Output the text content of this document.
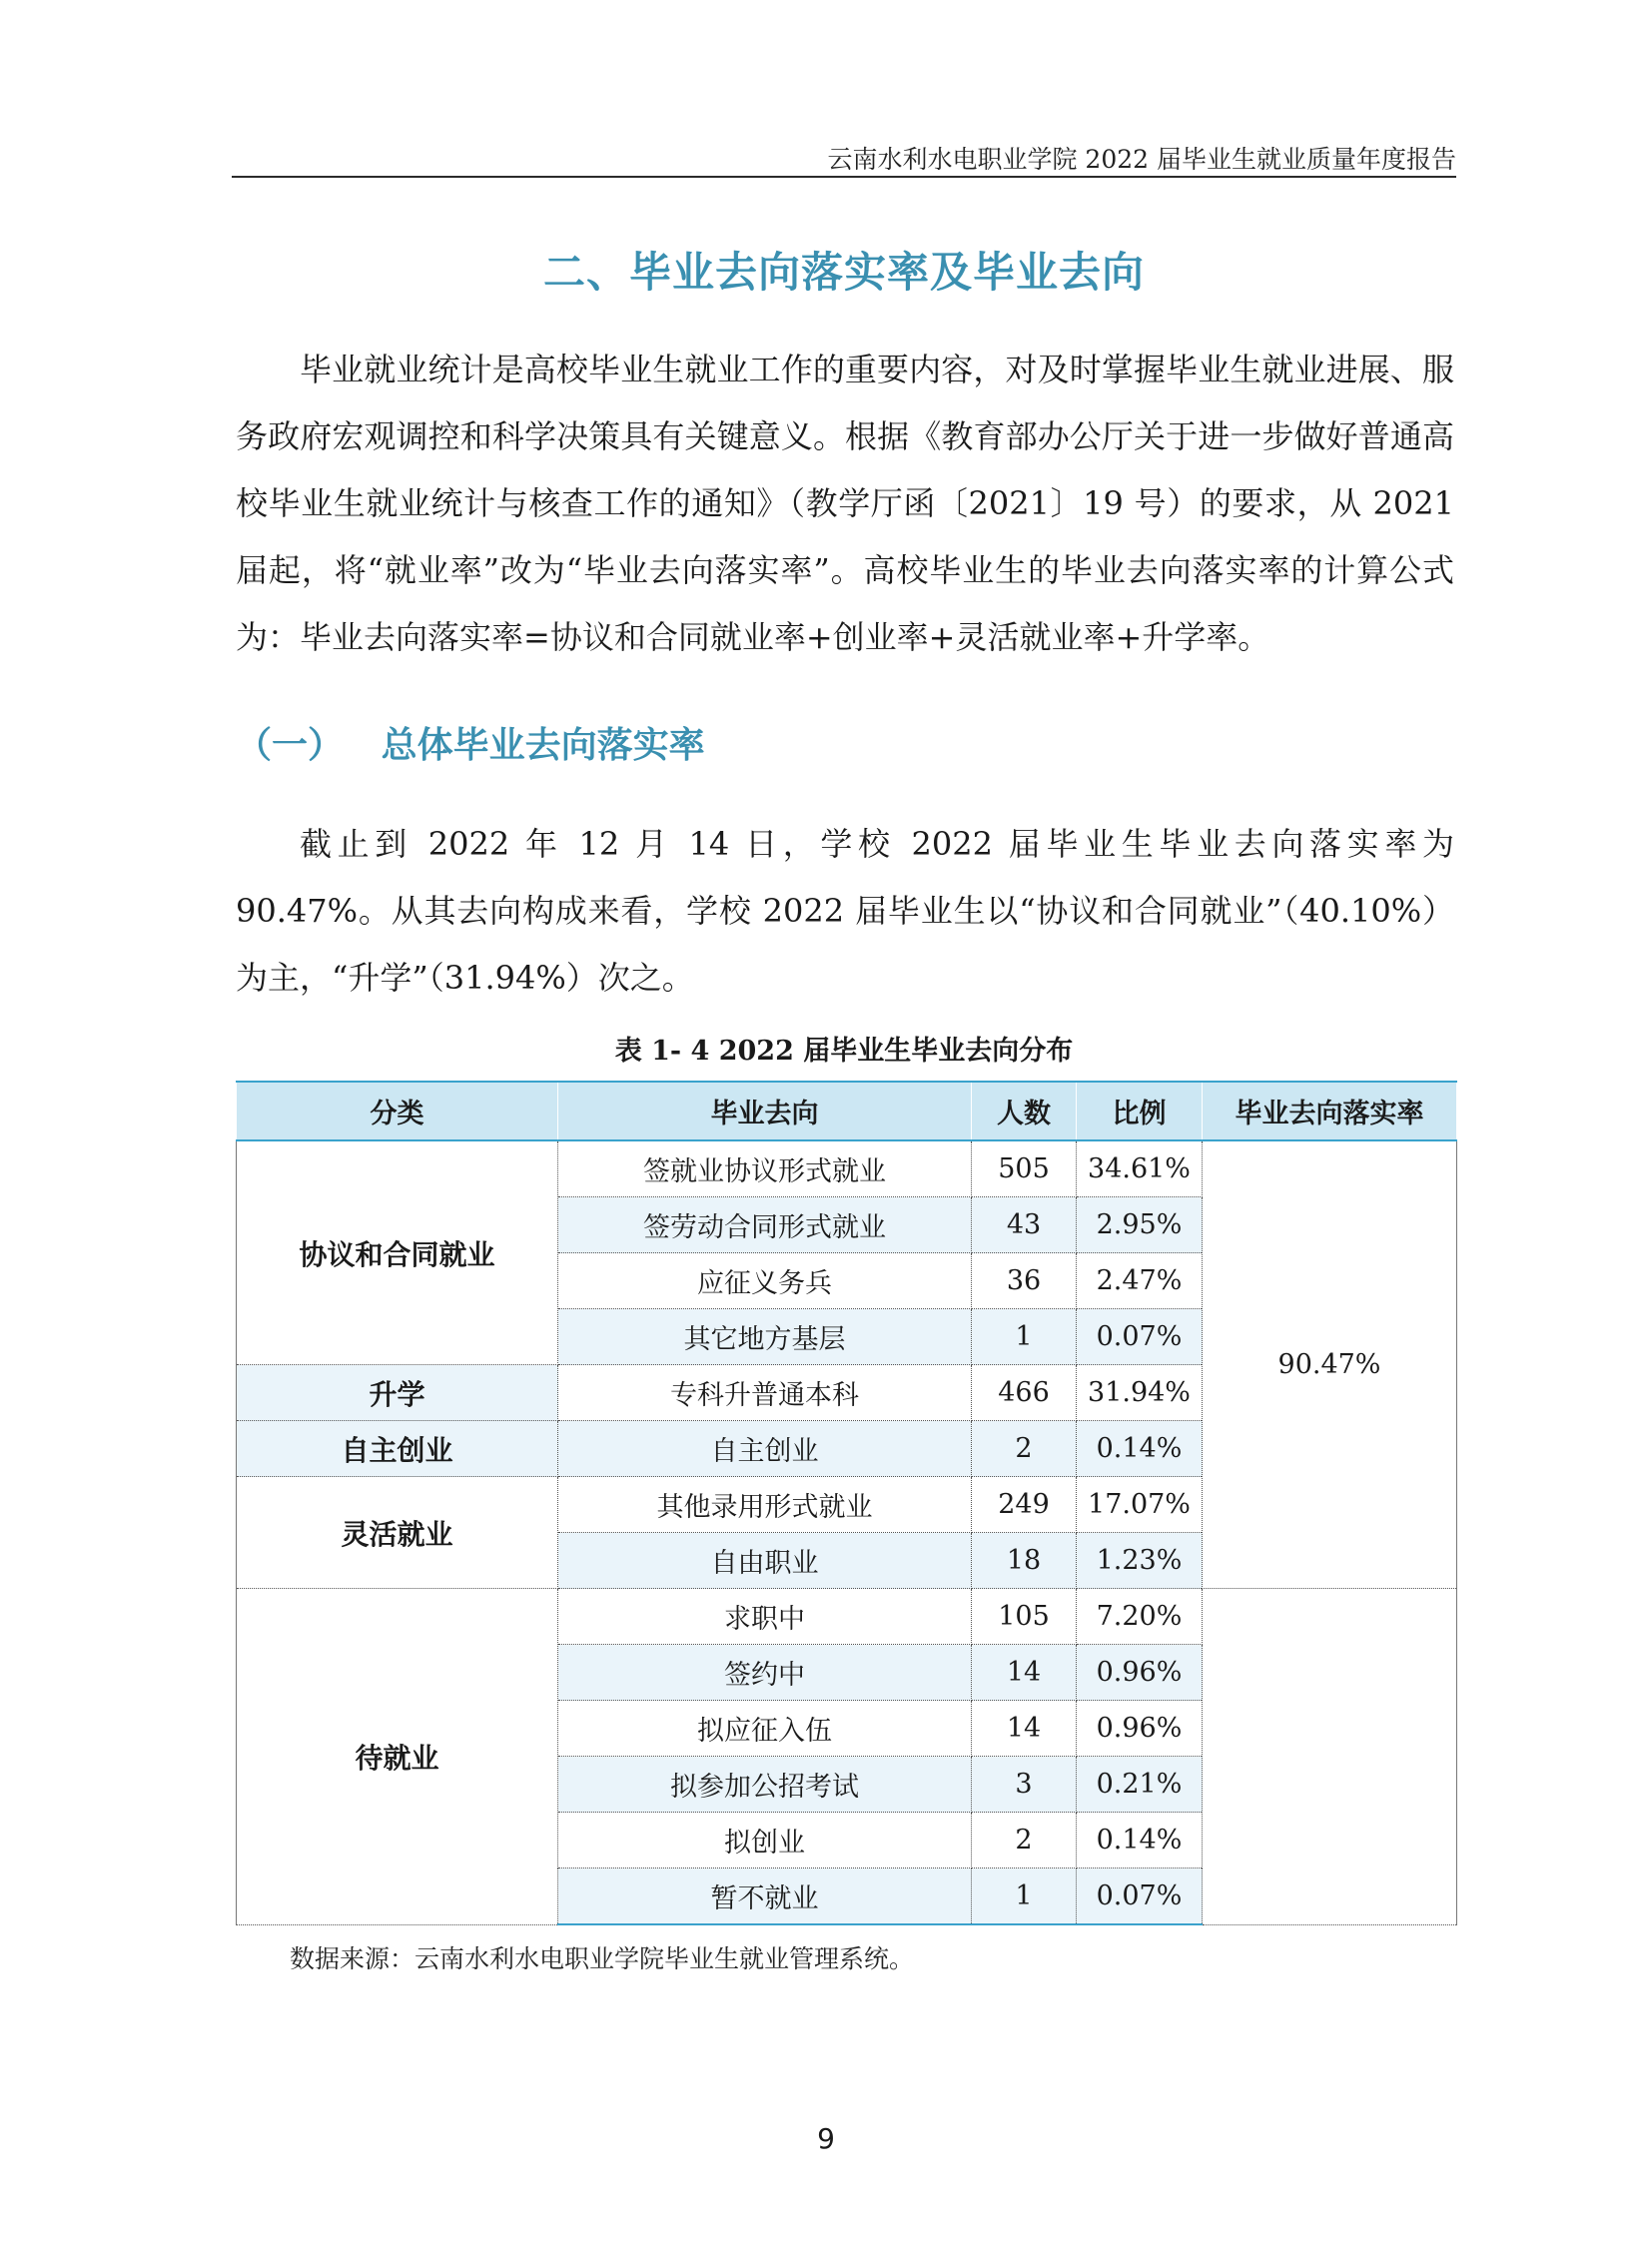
云南水利水电职业学院 2022 届毕业生就业质量年度报告
二、毕业去向落实率及毕业去向

毕业就业统计是高校毕业生就业工作的重要内容，对及时掌握毕业生就业进展、服务政府宏观调控和科学决策具有关键意义。根据《教育部办公厅关于进一步做好普通高校毕业生就业统计与核查工作的通知》（教学厅函〔2021〕19 号）的要求，从 2021 届起，将“就业率”改为“毕业去向落实率”。高校毕业生的毕业去向落实率的计算公式为：毕业去向落实率=协议和合同就业率+创业率+灵活就业率+升学率。

（一）   总体毕业去向落实率

截止到 2022 年 12 月 14 日，学校 2022 届毕业生毕业去向落实率为 90.47%。从其去向构成来看，学校 2022 届毕业生以“协议和合同就业”（40.10%）为主，“升学”（31.94%）次之。

表 1- 4 2022 届毕业生毕业去向分布
分类	毕业去向	人数	比例	毕业去向落实率
协议和合同就业	签就业协议形式就业	505	34.61%	90.47%
	签劳动合同形式就业	43	2.95%	
	应征义务兵	36	2.47%	
	其它地方基层	1	0.07%	
升学	专科升普通本科	466	31.94%	
自主创业	自主创业	2	0.14%	
灵活就业	其他录用形式就业	249	17.07%	
	自由职业	18	1.23%	
待就业	求职中	105	7.20%	
	签约中	14	0.96%	
	拟应征入伍	14	0.96%	
	拟参加公招考试	3	0.21%	
	拟创业	2	0.14%	
	暂不就业	1	0.07%	
数据来源：云南水利水电职业学院毕业生就业管理系统。
9
